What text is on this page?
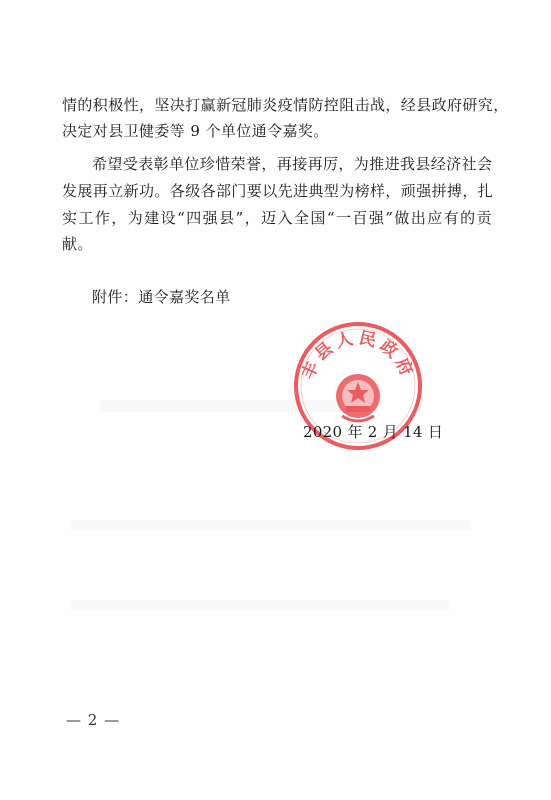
情的积极性，坚决打赢新冠肺炎疫情防控阻击战，经县政府研究，
决定对县卫健委等 9 个单位通令嘉奖。
希望受表彰单位珍惜荣誉，再接再厉，为推进我县经济社会
发展再立新功。各级各部门要以先进典型为榜样，顽强拼搏，扎
实工作，为建设“四强县”，迈入全国“一百强”做出应有的贡
献。
附件：通令嘉奖名单
丰县人民政府
2020 年 2 月 14 日
— 2 —
